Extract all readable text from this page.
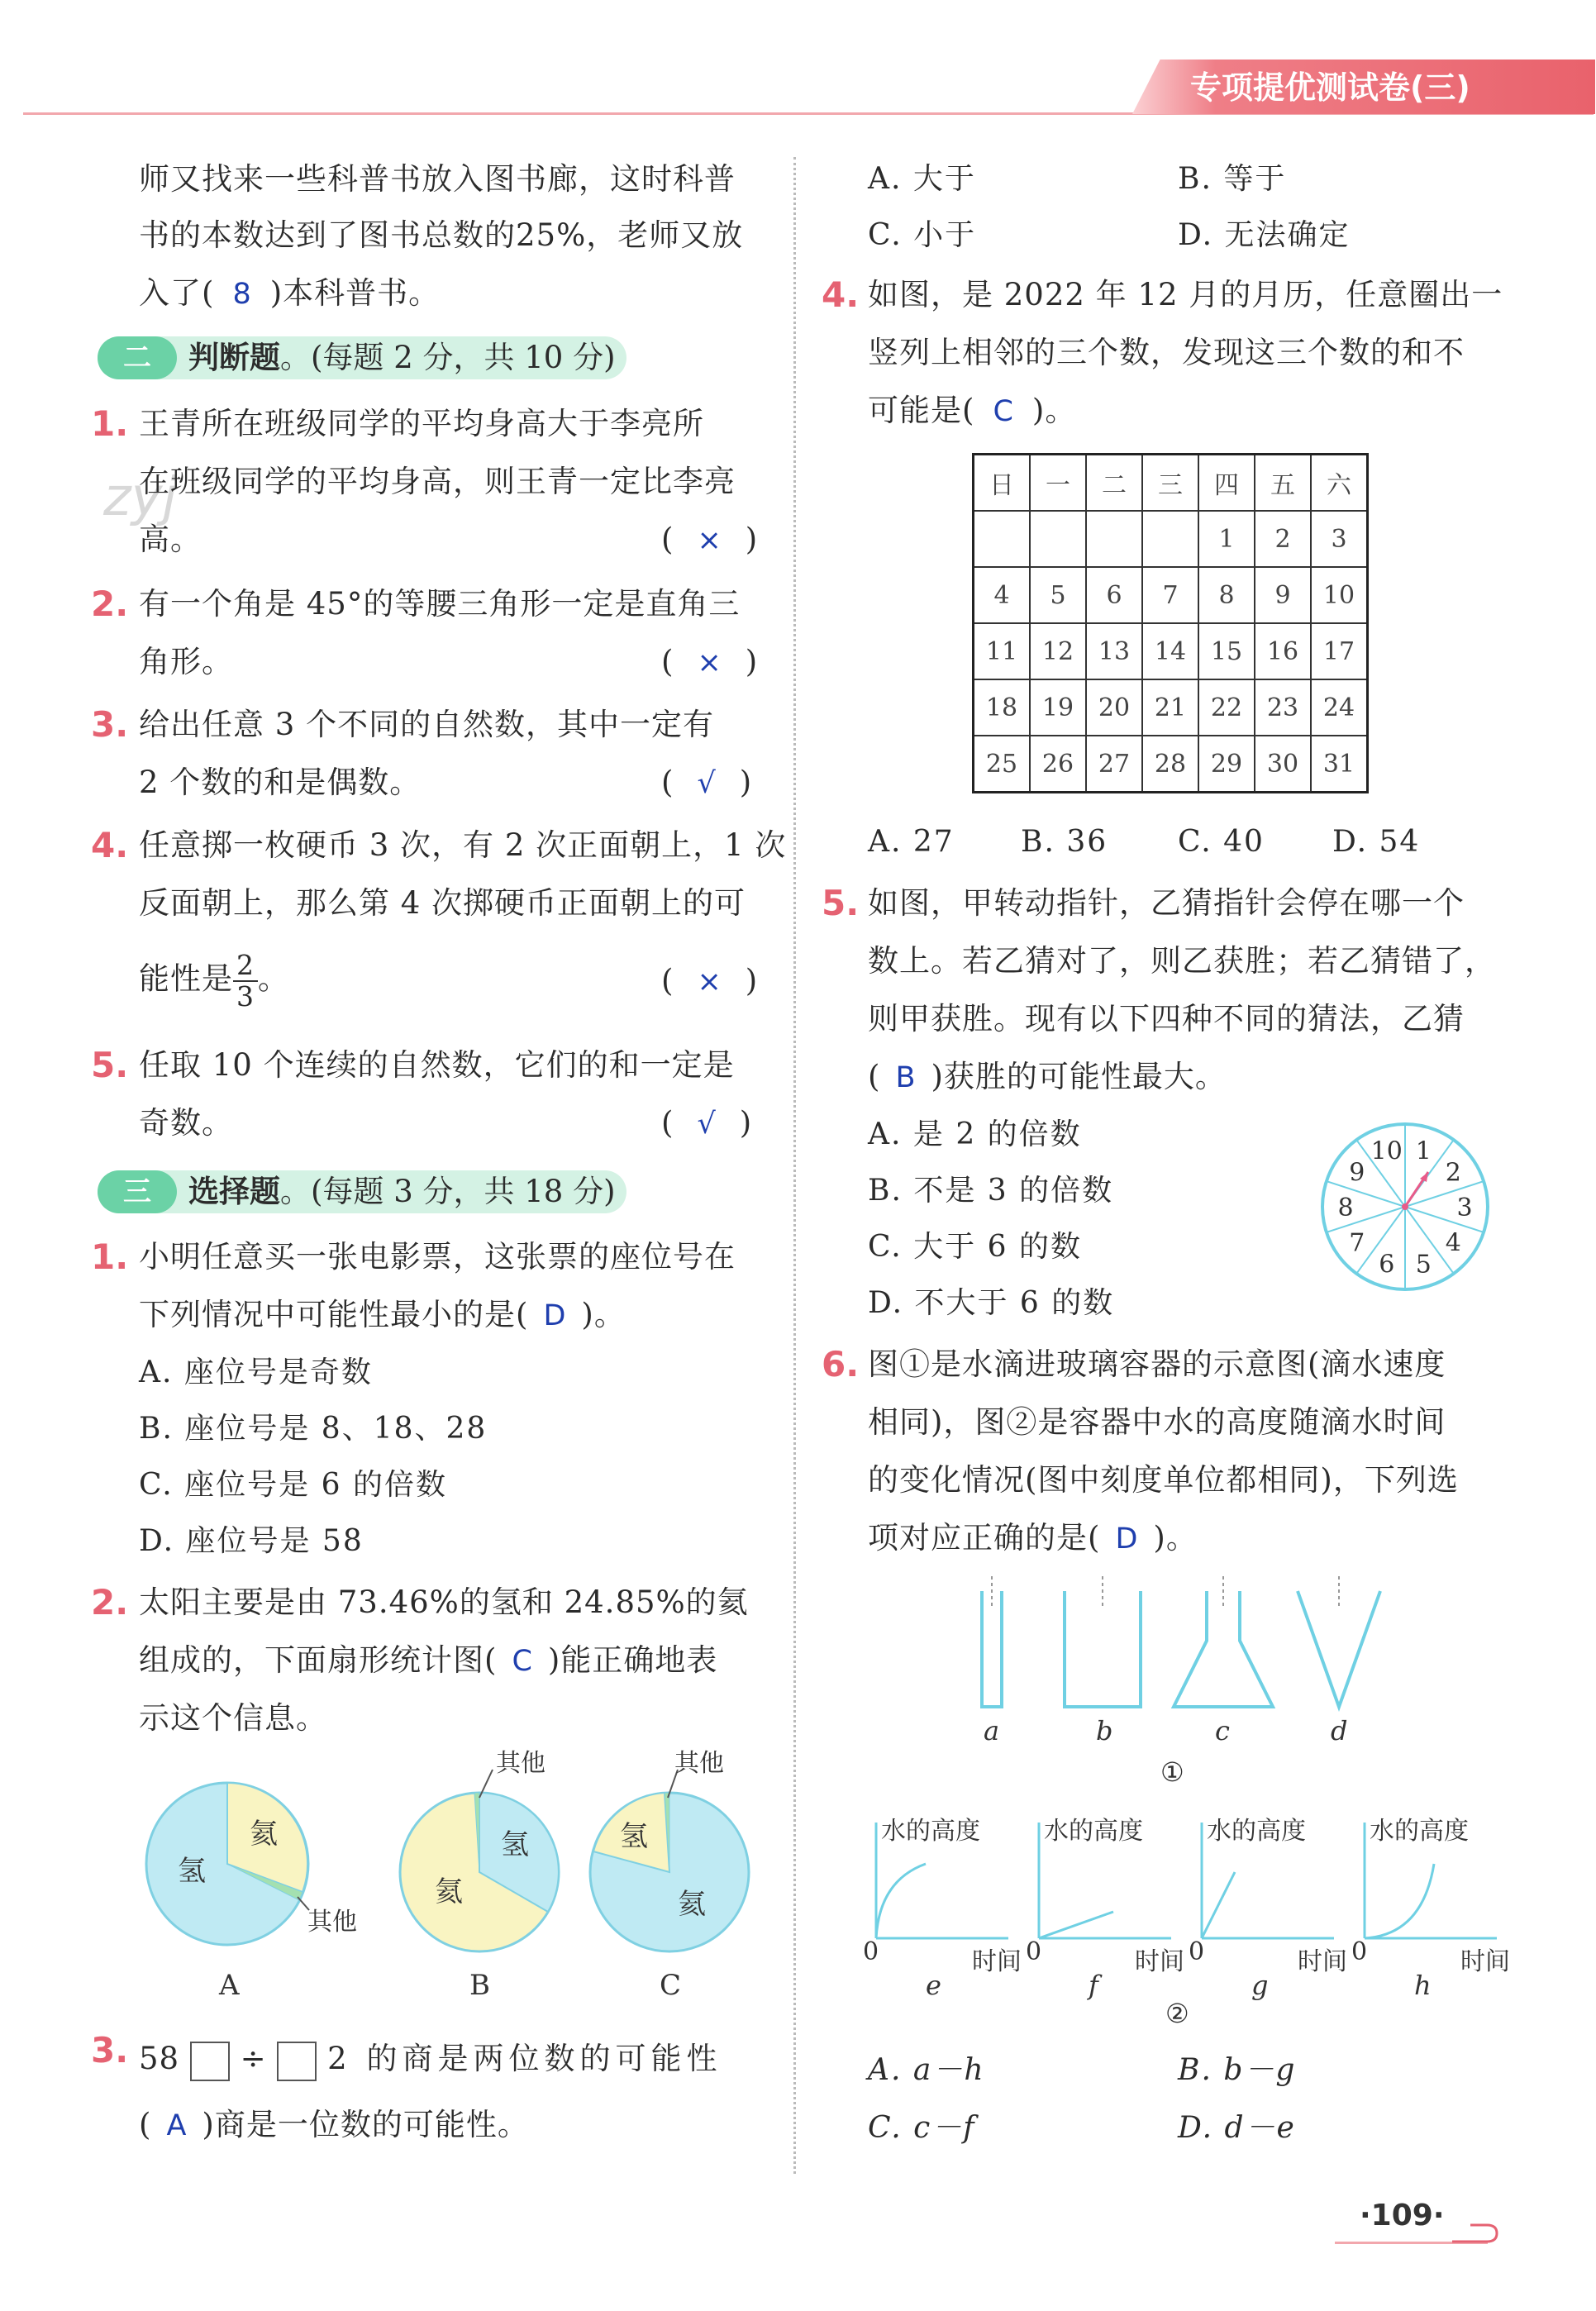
专项提优测试卷(三)
zyj
师又找来一些科普书放入图书廊，这时科普
书的本数达到了图书总数的25%，老师又放
入了( 8 )本科普书。
二	判断题。(每题 2 分，共 10 分)
1. 王青所在班级同学的平均身高大于李亮所
在班级同学的平均身高，则王青一定比李亮
高。	( × )
2. 有一个角是 45°的等腰三角形一定是直角三
角形。	( × )
3. 给出任意 3 个不同的自然数，其中一定有
2 个数的和是偶数。	( √ )
4. 任意掷一枚硬币 3 次，有 2 次正面朝上，1 次
反面朝上，那么第 4 次掷硬币正面朝上的可
能性是 $\frac{2}{3}$ 。	( × )
5. 任取 10 个连续的自然数，它们的和一定是
奇数。	( √ )
三	选择题。(每题 3 分，共 18 分)
1. 小明任意买一张电影票，这张票的座位号在
下列情况中可能性最小的是( D )。
A. 座位号是奇数
B. 座位号是 8、18、28
C. 座位号是 6 的倍数
D. 座位号是 58
2. 太阳主要是由 73.46%的氢和 24.85%的氦
组成的，下面扇形统计图( C )能正确地表
示这个信息。
氢
氦
其他
A
氦
氢
其他
B
氦
氢
其他
C
3. 58 ÷ 2 的商是两位数的可能性
( A )商是一位数的可能性。
A. 大于	B. 等于
C. 小于	D. 无法确定
4. 如图，是 2022 年 12 月的月历，任意圈出一
竖列上相邻的三个数，发现这三个数的和不
可能是( C )。
日	一	二	三	四	五	六
				1	2	3
4	5	6	7	8	9	10
11	12	13	14	15	16	17
18	19	20	21	22	23	24
25	26	27	28	29	30	31
A. 27 B. 36 C. 40 D. 54
5. 如图，甲转动指针，乙猜指针会停在哪一个
数上。若乙猜对了，则乙获胜；若乙猜错了，
则甲获胜。现有以下四种不同的猜法，乙猜
( B )获胜的可能性最大。
A. 是 2 的倍数
B. 不是 3 的倍数
C. 大于 6 的数
D. 不大于 6 的数
1
2
3
4
5
6
7
8
9
10
6. 图①是水滴进玻璃容器的示意图(滴水速度
相同)，图②是容器中水的高度随滴水时间
的变化情况(图中刻度单位都相同)，下列选
项对应正确的是( D )。
a	b	c	d
①
水的高度
时间
0
e
水的高度
时间
0
f
水的高度
时间
0
g
水的高度
时间
0
h
②
A. a－h	B. b－g
C. c－f	D. d－e
·109·
